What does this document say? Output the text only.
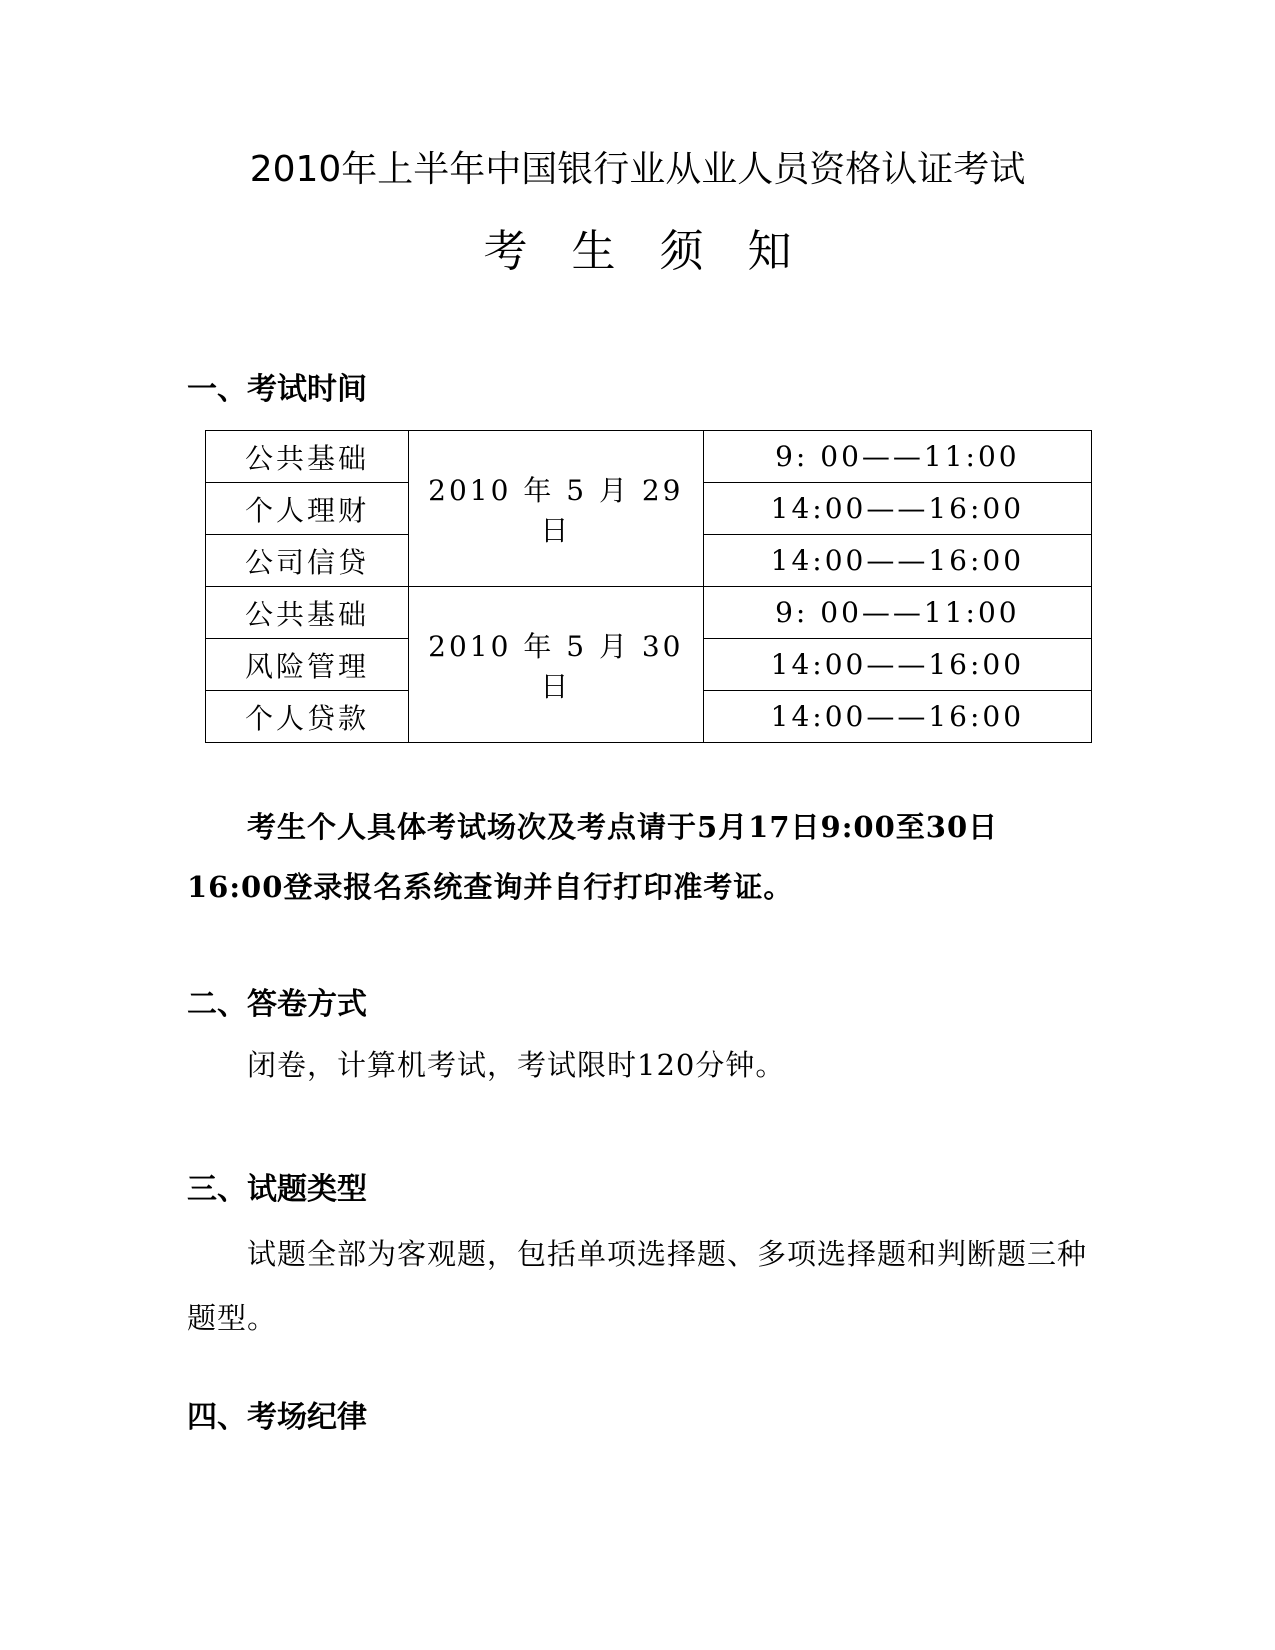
2010年上半年中国银行业从业人员资格认证考试
考生须知
一、考试时间
公共基础	2010 年 5 月 29 日	9: 00——11:00
个人理财		14:00——16:00
公司信贷		14:00——16:00
公共基础	2010 年 5 月 30 日	9: 00——11:00
风险管理		14:00——16:00
个人贷款		14:00——16:00

考生个人具体考试场次及考点请于5月17日9:00至30日16:00登录报名系统查询并自行打印准考证。

二、答卷方式

闭卷，计算机考试，考试限时120分钟。

三、试题类型

试题全部为客观题，包括单项选择题、多项选择题和判断题三种题型。

四、考场纪律
